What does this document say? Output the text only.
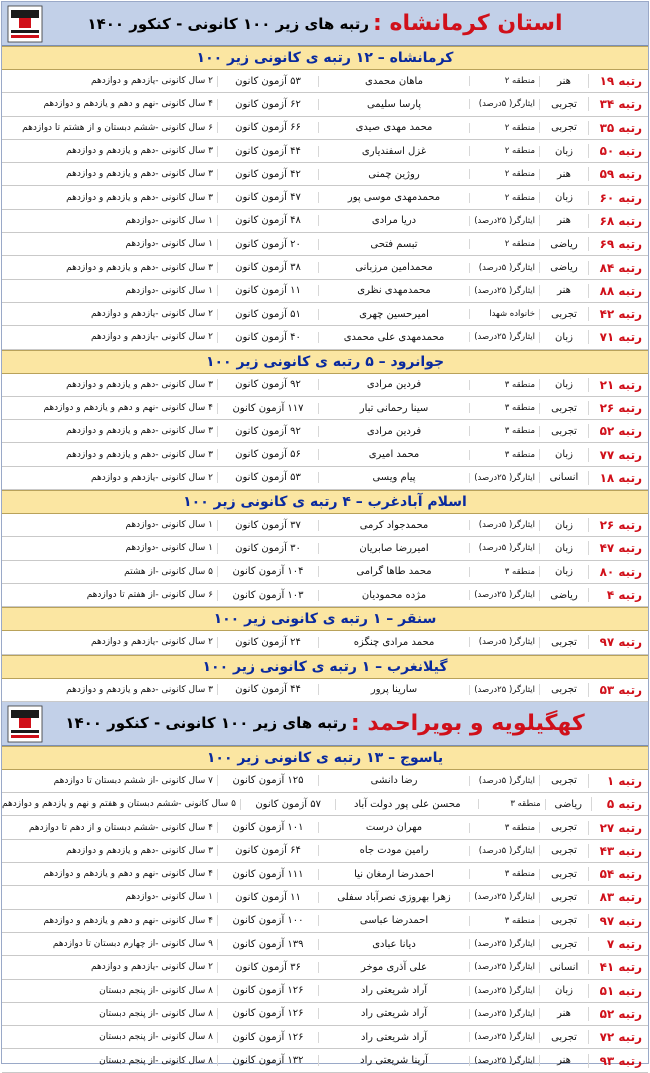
استان کرمانشاه :
رتبه های زیر ۱۰۰ کانونی - کنکور ۱۴۰۰
کرمانشاه – ۱۲ رتبه ی کانونی زیر ۱۰۰
رتبه ۱۹
هنر
منطقه ۲
ماهان محمدی
۵۳ آزمون کانون
۲ سال کانونی -یازدهم و دوازدهم
رتبه ۳۴
تجربی
ایثارگر( ۵درصد)
پارسا سلیمی
۶۲ آزمون کانون
۴ سال کانونی -نهم و دهم و یازدهم و دوازدهم
رتبه ۳۵
تجربی
منطقه ۲
محمد مهدی صیدی
۶۶ آزمون کانون
۶ سال کانونی -ششم دبستان و از هشتم تا دوازدهم
رتبه ۵۰
زبان
منطقه ۲
غزل اسفندیاری
۴۴ آزمون کانون
۳ سال کانونی -دهم و یازدهم و دوازدهم
رتبه ۵۹
هنر
منطقه ۲
روژین چمنی
۴۲ آزمون کانون
۳ سال کانونی -دهم و یازدهم و دوازدهم
رتبه ۶۰
زبان
منطقه ۲
محمدمهدی موسی پور
۴۷ آزمون کانون
۳ سال کانونی -دهم و یازدهم و دوازدهم
رتبه ۶۸
هنر
ایثارگر( ۲۵درصد)
دریا مرادی
۴۸ آزمون کانون
۱ سال کانونی -دوازدهم
رتبه ۶۹
ریاضی
منطقه ۲
تبسم فتحی
۲۰ آزمون کانون
۱ سال کانونی -دوازدهم
رتبه ۸۴
ریاضی
ایثارگر( ۵درصد)
محمدامین مرزبانی
۳۸ آزمون کانون
۳ سال کانونی -دهم و یازدهم و دوازدهم
رتبه ۸۸
هنر
ایثارگر( ۲۵درصد)
محمدمهدی نظری
۱۱ آزمون کانون
۱ سال کانونی -دوازدهم
رتبه ۴۲
تجربی
خانواده شهدا
امیرحسین چهری
۵۱ آزمون کانون
۲ سال کانونی -یازدهم و دوازدهم
رتبه ۷۱
زبان
ایثارگر( ۲۵درصد)
محمدمهدی علی محمدی
۴۰ آزمون کانون
۲ سال کانونی -یازدهم و دوازدهم
جوانرود – ۵ رتبه ی کانونی زیر ۱۰۰
رتبه ۲۱
زبان
منطقه ۳
فردین مرادی
۹۲ آزمون کانون
۳ سال کانونی -دهم و یازدهم و دوازدهم
رتبه ۲۶
تجربی
منطقه ۳
سینا رحمانی تبار
۱۱۷ آزمون کانون
۴ سال کانونی -نهم و دهم و یازدهم و دوازدهم
رتبه ۵۲
تجربی
منطقه ۳
فردین مرادی
۹۲ آزمون کانون
۳ سال کانونی -دهم و یازدهم و دوازدهم
رتبه ۷۷
زبان
منطقه ۳
محمد امیری
۵۶ آزمون کانون
۳ سال کانونی -دهم و یازدهم و دوازدهم
رتبه ۱۸
انسانی
ایثارگر( ۲۵درصد)
پیام ویسی
۵۳ آزمون کانون
۲ سال کانونی -یازدهم و دوازدهم
اسلام آبادغرب – ۴ رتبه ی کانونی زیر ۱۰۰
رتبه ۲۶
زبان
ایثارگر( ۵درصد)
محمدجواد کرمی
۳۷ آزمون کانون
۱ سال کانونی -دوازدهم
رتبه ۴۷
زبان
ایثارگر( ۵درصد)
امیررضا صابریان
۳۰ آزمون کانون
۱ سال کانونی -دوازدهم
رتبه ۸۰
زبان
منطقه ۳
محمد طاها گرامی
۱۰۴ آزمون کانون
۵ سال کانونی -از هشتم
رتبه ۴
ریاضی
ایثارگر( ۲۵درصد)
مژده محمودیان
۱۰۳ آزمون کانون
۶ سال کانونی -از هفتم تا دوازدهم
سنقر – ۱ رتبه ی کانونی زیر ۱۰۰
رتبه ۹۷
تجربی
ایثارگر( ۵درصد)
محمد مرادی چنگزه
۲۴ آزمون کانون
۲ سال کانونی -یازدهم و دوازدهم
گیلانغرب – ۱ رتبه ی کانونی زیر ۱۰۰
رتبه ۵۳
تجربی
ایثارگر( ۲۵درصد)
سارینا پرور
۴۴ آزمون کانون
۳ سال کانونی -دهم و یازدهم و دوازدهم
کهگیلویه و بویراحمد :
رتبه های زیر ۱۰۰ کانونی - کنکور ۱۴۰۰
یاسوج – ۱۳ رتبه ی کانونی زیر ۱۰۰
رتبه ۱
تجربی
ایثارگر( ۵درصد)
رضا دانشی
۱۲۵ آزمون کانون
۷ سال کانونی -از ششم دبستان تا دوازدهم
رتبه ۵
ریاضی
منطقه ۳
محسن علی پور دولت آباد
۵۷ آزمون کانون
۵ سال کانونی -ششم دبستان و هفتم و نهم و یازدهم و دوازدهم
رتبه ۲۷
تجربی
منطقه ۳
مهران درست
۱۰۱ آزمون کانون
۴ سال کانونی -ششم دبستان و از دهم تا دوازدهم
رتبه ۴۳
تجربی
ایثارگر( ۵درصد)
رامین مودت جاه
۶۴ آزمون کانون
۳ سال کانونی -دهم و یازدهم و دوازدهم
رتبه ۵۴
تجربی
منطقه ۳
احمدرضا ارمغان نیا
۱۱۱ آزمون کانون
۴ سال کانونی -نهم و دهم و یازدهم و دوازدهم
رتبه ۸۳
تجربی
ایثارگر( ۲۵درصد)
زهرا بهروزی نصرآباد سفلی
۱۱ آزمون کانون
۱ سال کانونی -دوازدهم
رتبه ۹۷
تجربی
منطقه ۳
احمدرضا عباسی
۱۰۰ آزمون کانون
۴ سال کانونی -نهم و دهم و یازدهم و دوازدهم
رتبه ۷
تجربی
ایثارگر( ۲۵درصد)
دیانا عبادی
۱۳۹ آزمون کانون
۹ سال کانونی -از چهارم دبستان تا دوازدهم
رتبه ۴۱
انسانی
ایثارگر( ۲۵درصد)
علی آذری موخر
۳۶ آزمون کانون
۲ سال کانونی -یازدهم و دوازدهم
رتبه ۵۱
زبان
ایثارگر( ۲۵درصد)
آراد شریعتی راد
۱۲۶ آزمون کانون
۸ سال کانونی -از پنجم دبستان
رتبه ۵۲
هنر
ایثارگر( ۲۵درصد)
آراد شریعتی راد
۱۲۶ آزمون کانون
۸ سال کانونی -از پنجم دبستان
رتبه ۷۲
تجربی
ایثارگر( ۲۵درصد)
آراد شریعتی راد
۱۲۶ آزمون کانون
۸ سال کانونی -از پنجم دبستان
رتبه ۹۳
هنر
ایثارگر( ۲۵درصد)
آرینا شریعتی راد
۱۳۲ آزمون کانون
۸ سال کانونی -از پنجم دبستان
